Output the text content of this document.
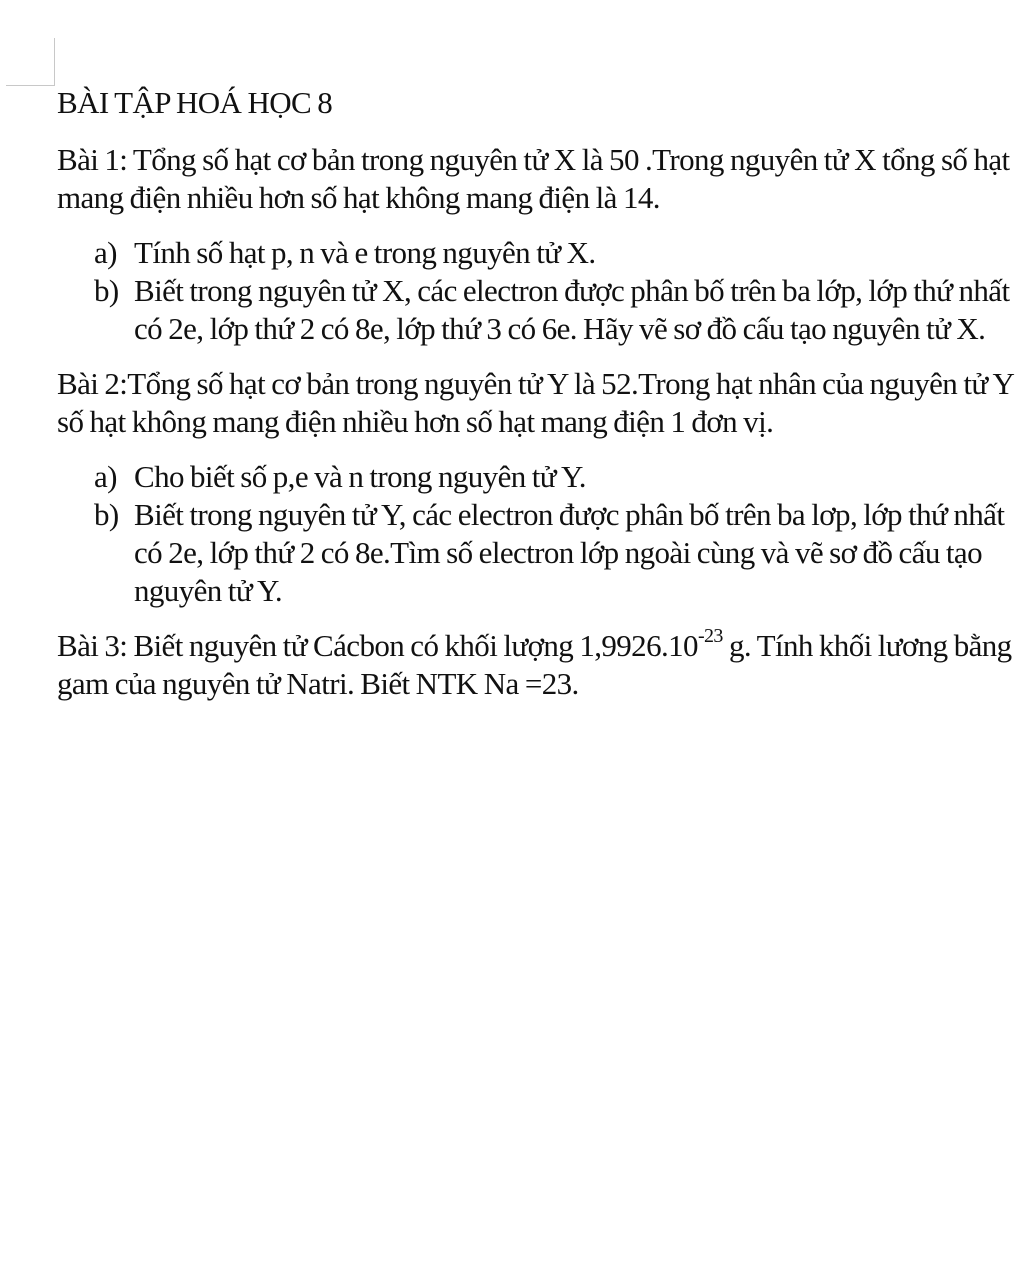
BÀI TẬP HOÁ HỌC 8

Bài 1: Tổng số hạt cơ bản trong nguyên tử X là 50 .Trong nguyên tử X tổng số hạt mang điện nhiều hơn số hạt không mang điện là 14.

a) Tính số hạt p, n và e trong nguyên tử X.
b) Biết trong nguyên tử X, các electron được phân bố trên ba lớp, lớp thứ nhất có 2e, lớp thứ 2 có 8e, lớp thứ 3 có 6e. Hãy vẽ sơ đồ cấu tạo nguyên tử X.

Bài 2:Tổng số hạt cơ bản trong nguyên tử Y là 52.Trong hạt nhân của nguyên tử Y số hạt không mang điện nhiều hơn số hạt mang điện 1 đơn vị.

a) Cho biết số p,e và n trong nguyên tử Y.
b) Biết trong nguyên tử Y, các electron được phân bố trên ba lơp, lớp thứ nhất có 2e, lớp thứ 2 có 8e.Tìm số electron lớp ngoài cùng và vẽ sơ đồ cấu tạo nguyên tử Y.

Bài 3: Biết nguyên tử Cácbon có khối lượng $1,9926.10^{-23}$ g. Tính khối lương bằng gam của nguyên tử Natri. Biết NTK Na =23.
